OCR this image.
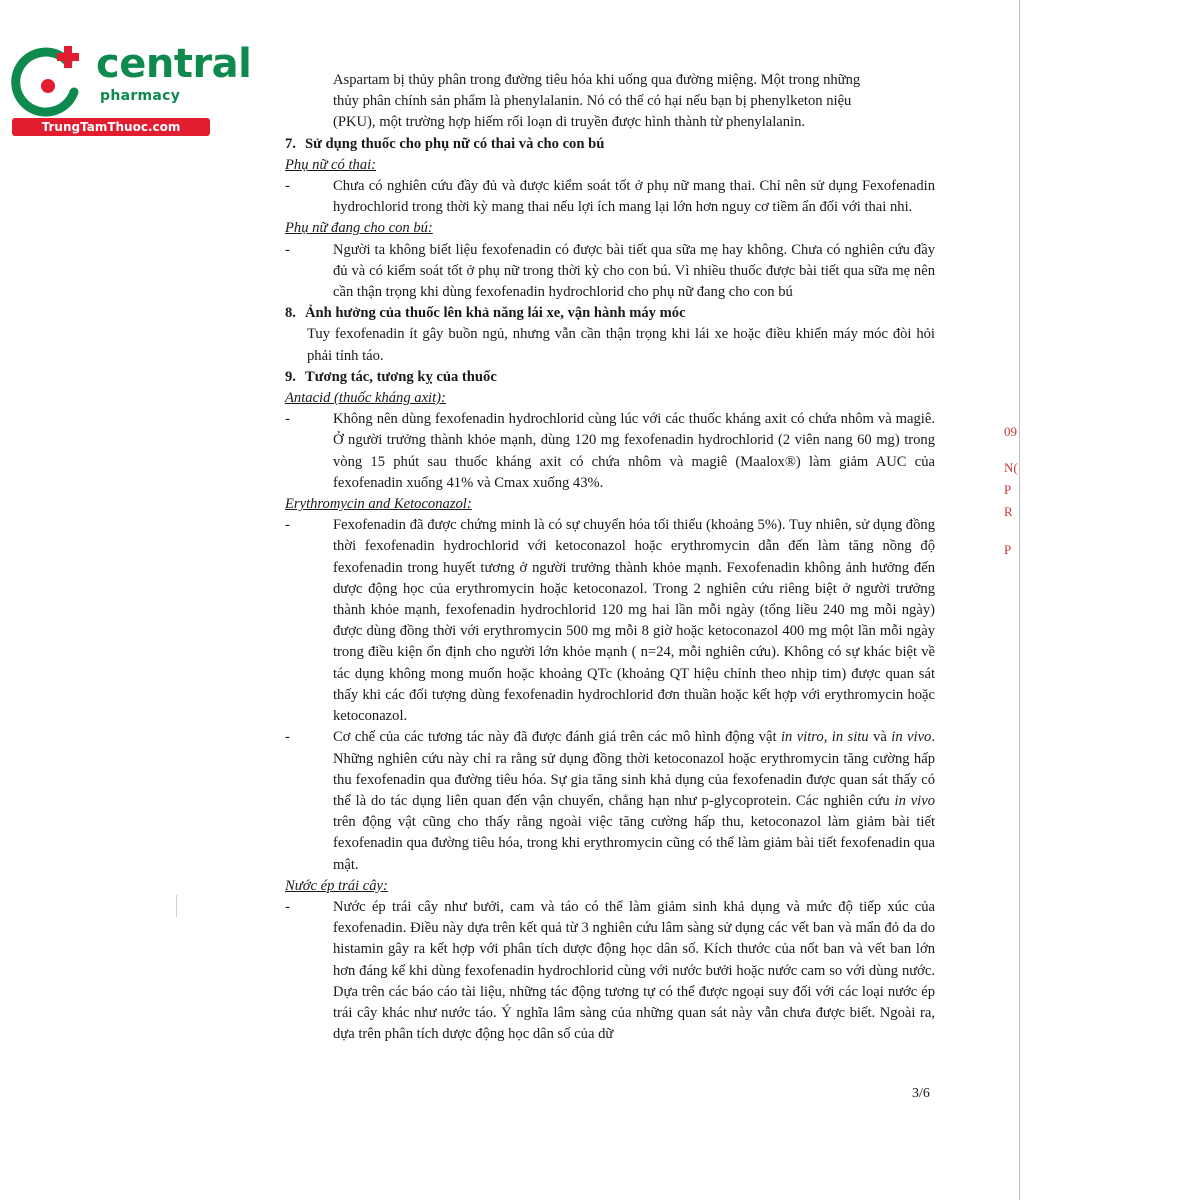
central
pharmacy
TrungTamThuoc.com
Aspartam bị thủy phân trong đường tiêu hóa khi uống qua đường miệng. Một trong những
thủy phân chính sản phẩm là phenylalanin. Nó có thể có hại nếu bạn bị phenylketon niệu
(PKU), một trường hợp hiếm rối loạn di truyền được hình thành từ phenylalanin.

7. Sử dụng thuốc cho phụ nữ có thai và cho con bú

Phụ nữ có thai:

- Chưa có nghiên cứu đầy đủ và được kiểm soát tốt ở phụ nữ mang thai. Chỉ nên sử dụng Fexofenadin hydrochlorid trong thời kỳ mang thai nếu lợi ích mang lại lớn hơn nguy cơ tiềm ẩn đối với thai nhi.

Phụ nữ đang cho con bú:

- Người ta không biết liệu fexofenadin có được bài tiết qua sữa mẹ hay không. Chưa có nghiên cứu đầy đủ và có kiểm soát tốt ở phụ nữ trong thời kỳ cho con bú. Vì nhiều thuốc được bài tiết qua sữa mẹ nên cần thận trọng khi dùng fexofenadin hydrochlorid cho phụ nữ đang cho con bú

8. Ảnh hưởng của thuốc lên khả năng lái xe, vận hành máy móc

Tuy fexofenadin ít gây buồn ngủ, nhưng vẫn cần thận trọng khi lái xe hoặc điều khiển máy móc đòi hỏi phải tỉnh táo.

9. Tương tác, tương kỵ của thuốc

Antacid (thuốc kháng axit):

- Không nên dùng fexofenadin hydrochlorid cùng lúc với các thuốc kháng axit có chứa nhôm và magiê. Ở người trưởng thành khỏe mạnh, dùng 120 mg fexofenadin hydrochlorid (2 viên nang 60 mg) trong vòng 15 phút sau thuốc kháng axit có chứa nhôm và magiê (Maalox®) làm giảm AUC của fexofenadin xuống 41% và Cmax xuống 43%.

Erythromycin and Ketoconazol:

- Fexofenadin đã được chứng minh là có sự chuyển hóa tối thiểu (khoảng 5%). Tuy nhiên, sử dụng đồng thời fexofenadin hydrochlorid với ketoconazol hoặc erythromycin dẫn đến làm tăng nồng độ fexofenadin trong huyết tương ở người trưởng thành khỏe mạnh. Fexofenadin không ảnh hưởng đến dược động học của erythromycin hoặc ketoconazol. Trong 2 nghiên cứu riêng biệt ở người trưởng thành khỏe mạnh, fexofenadin hydrochlorid 120 mg hai lần mỗi ngày (tổng liều 240 mg mỗi ngày) được dùng đồng thời với erythromycin 500 mg mỗi 8 giờ hoặc ketoconazol 400 mg một lần mỗi ngày trong điều kiện ổn định cho người lớn khỏe mạnh ( n=24, mỗi nghiên cứu). Không có sự khác biệt về tác dụng không mong muốn hoặc khoảng QTc (khoảng QT hiệu chỉnh theo nhịp tim) được quan sát thấy khi các đối tượng dùng fexofenadin hydrochlorid đơn thuần hoặc kết hợp với erythromycin hoặc ketoconazol.

- Cơ chế của các tương tác này đã được đánh giá trên các mô hình động vật in vitro, in situ và in vivo. Những nghiên cứu này chỉ ra rằng sử dụng đồng thời ketoconazol hoặc erythromycin tăng cường hấp thu fexofenadin qua đường tiêu hóa. Sự gia tăng sinh khả dụng của fexofenadin được quan sát thấy có thể là do tác dụng liên quan đến vận chuyển, chẳng hạn như p-glycoprotein. Các nghiên cứu in vivo trên động vật cũng cho thấy rằng ngoài việc tăng cường hấp thu, ketoconazol làm giảm bài tiết fexofenadin qua đường tiêu hóa, trong khi erythromycin cũng có thể làm giảm bài tiết fexofenadin qua mật.

Nước ép trái cây:

- Nước ép trái cây như bưởi, cam và táo có thể làm giảm sinh khả dụng và mức độ tiếp xúc của fexofenadin. Điều này dựa trên kết quả từ 3 nghiên cứu lâm sàng sử dụng các vết ban và mẩn đỏ da do histamin gây ra kết hợp với phân tích dược động học dân số. Kích thước của nốt ban và vết ban lớn hơn đáng kể khi dùng fexofenadin hydrochlorid cùng với nước bưởi hoặc nước cam so với dùng nước. Dựa trên các báo cáo tài liệu, những tác động tương tự có thể được ngoại suy đối với các loại nước ép trái cây khác như nước táo. Ý nghĩa lâm sàng của những quan sát này vẫn chưa được biết. Ngoài ra, dựa trên phân tích dược động học dân số của dữ

3/6
09
N(
P
R
P
